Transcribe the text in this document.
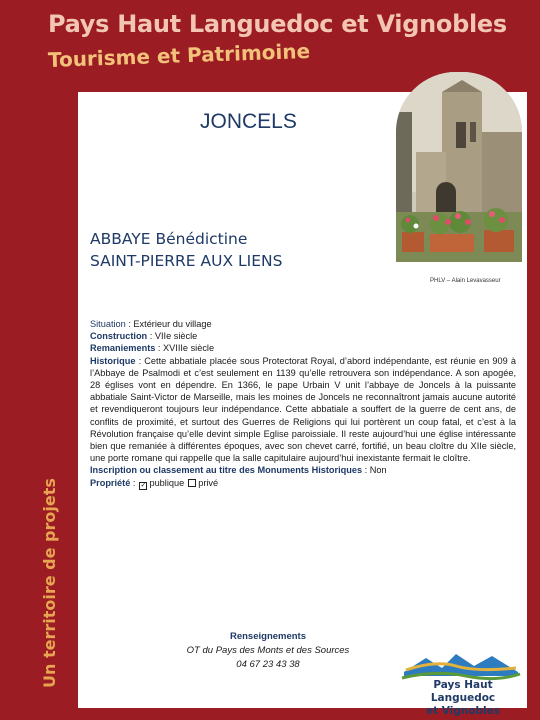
Pays Haut Languedoc et Vignobles
Tourisme et Patrimoine
Un territoire de projets
JONCELS
PHLV – Alain Levavasseur
ABBAYE Bénédictine
SAINT-PIERRE AUX LIENS
Situation : Extérieur du village
Construction : VIIe siècle
Remaniements : XVIIIe siècle
Historique : Cette abbatiale placée sous Protectorat Royal, d’abord indépendante, est réunie en 909 à l’Abbaye de Psalmodi et c’est seulement en 1139 qu’elle retrouvera son indépendance. A son apogée, 28 églises vont en dépendre. En 1366, le pape Urbain V unit l’abbaye de Joncels à la puissante abbatiale Saint-Victor de Marseille, mais les moines de Joncels ne reconnaîtront jamais aucune autorité et revendiqueront toujours leur indépendance. Cette abbatiale a souffert de la guerre de cent ans, de conflits de proximité, et surtout des Guerres de Religions qui lui portèrent un coup fatal, et c’est à la Révolution française qu’elle devint simple Eglise paroissiale. Il reste aujourd’hui une église intéressante bien que remaniée à différentes époques, avec son chevet carré, fortifié, un beau cloître du XIIe siècle, une porte romane qui rappelle que la salle capitulaire aujourd’hui inexistante fermait le cloître.
Inscription ou classement au titre des Monuments Historiques : Non
Propriété : ✓ publique privé
Renseignements
OT du Pays des Monts et des Sources
04 67 23 43 38
Pays Haut Languedoc
et Vignobles
